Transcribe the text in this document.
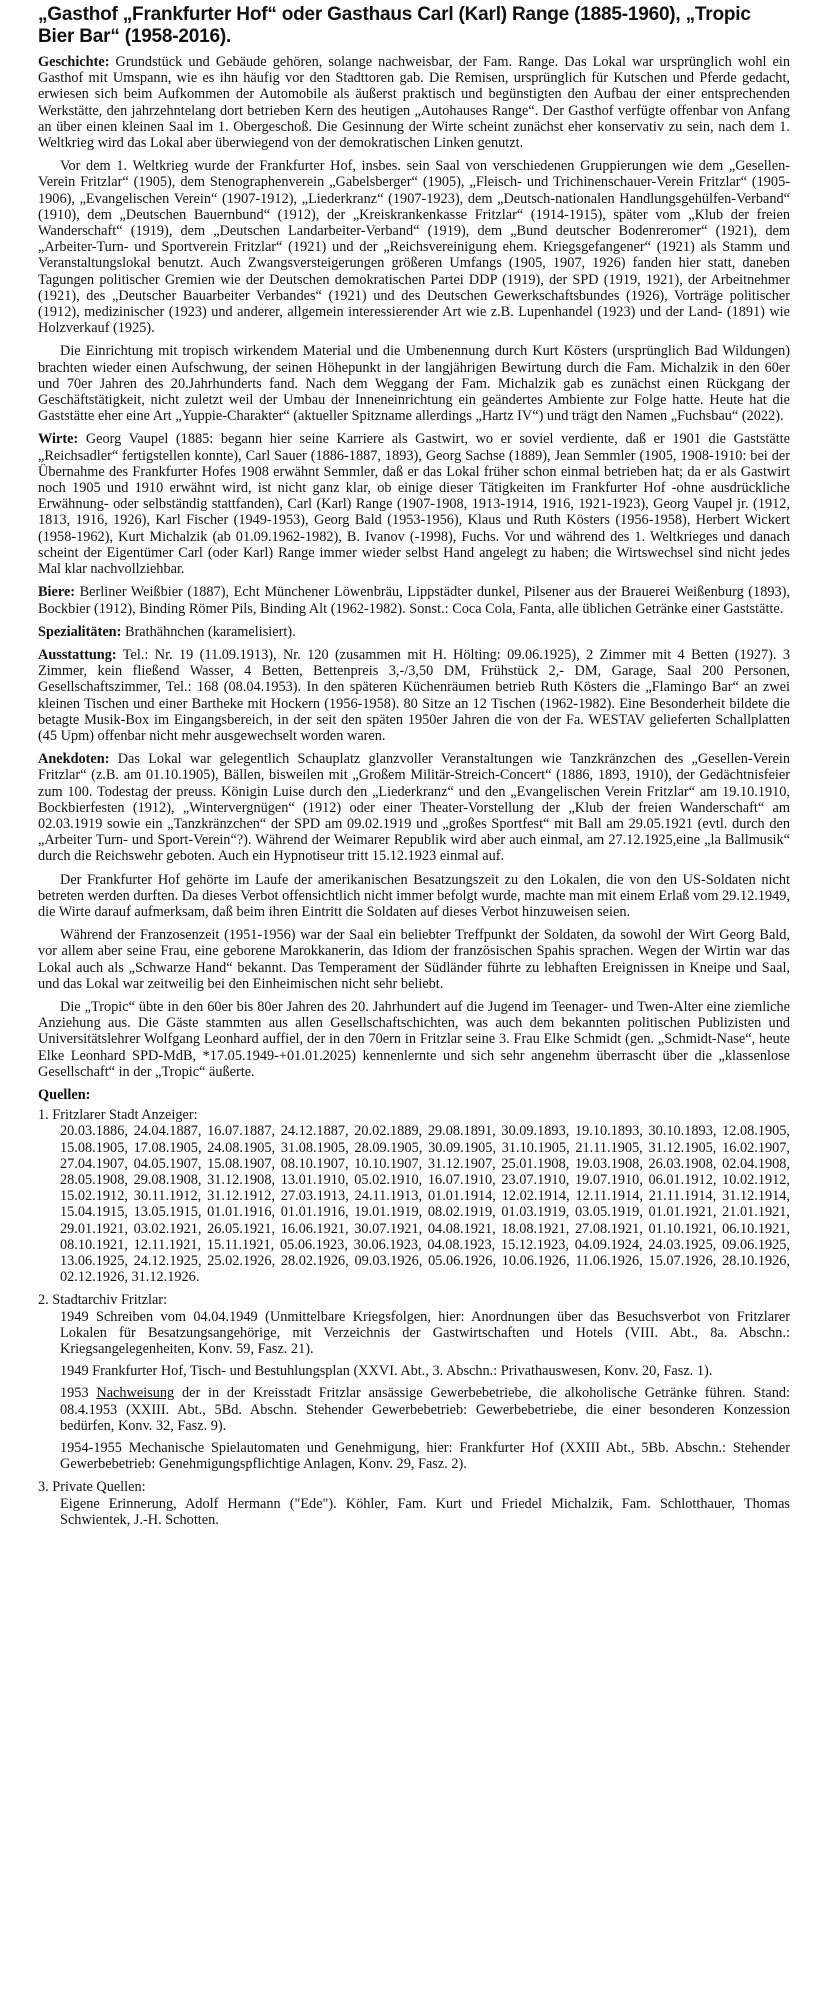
„Gasthof „Frankfurter Hof“ oder Gasthaus Carl (Karl) Range (1885-1960), „Tropic Bier Bar“ (1958-2016).

Geschichte: Grundstück und Gebäude gehören, solange nachweisbar, der Fam. Range. Das Lokal war ursprünglich wohl ein Gasthof mit Umspann, wie es ihn häufig vor den Stadttoren gab. Die Remisen, ursprünglich für Kutschen und Pferde gedacht, erwiesen sich beim Aufkommen der Automobile als äußerst praktisch und begünstigten den Aufbau der einer entsprechenden Werkstätte, den jahrzehntelang dort betrieben Kern des heutigen „Autohauses Range“. Der Gasthof verfügte offenbar von Anfang an über einen kleinen Saal im 1. Obergeschoß. Die Gesinnung der Wirte scheint zunächst eher konservativ zu sein, nach dem 1. Weltkrieg wird das Lokal aber überwiegend von der demokratischen Linken genutzt.

Vor dem 1. Weltkrieg wurde der Frankfurter Hof, insbes. sein Saal von verschiedenen Gruppierungen wie dem „Gesellen-Verein Fritzlar“ (1905), dem Stenographenverein „Gabelsberger“ (1905), „Fleisch- und Trichinenschauer-Verein Fritzlar“ (1905-1906), „Evangelischen Verein“ (1907-1912), „Liederkranz“ (1907-1923), dem „Deutsch-nationalen Handlungsgehülfen-Verband“ (1910), dem „Deutschen Bauernbund“ (1912), der „Kreiskrankenkasse Fritzlar“ (1914-1915), später vom „Klub der freien Wanderschaft“ (1919), dem „Deutschen Landarbeiter-Verband“ (1919), dem „Bund deutscher Bodenreromer“ (1921), dem „Arbeiter-Turn- und Sportverein Fritzlar“ (1921) und der „Reichsvereinigung ehem. Kriegsgefangener“ (1921) als Stamm und Veranstaltungslokal benutzt. Auch Zwangsversteigerungen größeren Umfangs (1905, 1907, 1926) fanden hier statt, daneben Tagungen politischer Gremien wie der Deutschen demokratischen Partei DDP (1919), der SPD (1919, 1921), der Arbeitnehmer (1921), des „Deutscher Bauarbeiter Verbandes“ (1921) und des Deutschen Gewerkschaftsbundes (1926), Vorträge politischer (1912), medizinischer (1923) und anderer, allgemein interessierender Art wie z.B. Lupenhandel (1923) und der Land- (1891) wie Holzverkauf (1925).

Die Einrichtung mit tropisch wirkendem Material und die Umbenennung durch Kurt Kösters (ursprünglich Bad Wildungen) brachten wieder einen Aufschwung, der seinen Höhepunkt in der langjährigen Bewirtung durch die Fam. Michalzik in den 60er und 70er Jahren des 20.Jahrhunderts fand. Nach dem Weggang der Fam. Michalzik gab es zunächst einen Rückgang der Geschäftstätigkeit, nicht zuletzt weil der Umbau der Inneneinrichtung ein geändertes Ambiente zur Folge hatte. Heute hat die Gaststätte eher eine Art „Yuppie-Charakter“ (aktueller Spitzname allerdings „Hartz IV“) und trägt den Namen „Fuchsbau“ (2022).

Wirte: Georg Vaupel (1885: begann hier seine Karriere als Gastwirt, wo er soviel verdiente, daß er 1901 die Gaststätte „Reichsadler“ fertigstellen konnte), Carl Sauer (1886-1887, 1893), Georg Sachse (1889), Jean Semmler (1905, 1908-1910: bei der Übernahme des Frankfurter Hofes 1908 erwähnt Semmler, daß er das Lokal früher schon einmal betrieben hat; da er als Gastwirt noch 1905 und 1910 erwähnt wird, ist nicht ganz klar, ob einige dieser Tätigkeiten im Frankfurter Hof -ohne ausdrückliche Erwähnung- oder selbständig stattfanden), Carl (Karl) Range (1907-1908, 1913-1914, 1916, 1921-1923), Georg Vaupel jr. (1912, 1813, 1916, 1926), Karl Fischer (1949-1953), Georg Bald (1953-1956), Klaus und Ruth Kösters (1956-1958), Herbert Wickert (1958-1962), Kurt Michalzik (ab 01.09.1962-1982), B. Ivanov (-1998), Fuchs. Vor und während des 1. Weltkrieges und danach scheint der Eigentümer Carl (oder Karl) Range immer wieder selbst Hand angelegt zu haben; die Wirtswechsel sind nicht jedes Mal klar nachvollziehbar.

Biere: Berliner Weißbier (1887), Echt Münchener Löwenbräu, Lippstädter dunkel, Pilsener aus der Brauerei Weißenburg (1893), Bockbier (1912), Binding Römer Pils, Binding Alt (1962-1982). Sonst.: Coca Cola, Fanta, alle üblichen Getränke einer Gaststätte.

Spezialitäten: Brathähnchen (karamelisiert).

Ausstattung: Tel.: Nr. 19 (11.09.1913), Nr. 120 (zusammen mit H. Hölting: 09.06.1925), 2 Zimmer mit 4 Betten (1927). 3 Zimmer, kein fließend Wasser, 4 Betten, Bettenpreis 3,-/3,50 DM, Frühstück 2,- DM, Garage, Saal 200 Personen, Gesellschaftszimmer, Tel.: 168 (08.04.1953). In den späteren Küchenräumen betrieb Ruth Kösters die „Flamingo Bar“ an zwei kleinen Tischen und einer Bartheke mit Hockern (1956-1958). 80 Sitze an 12 Tischen (1962-1982). Eine Besonderheit bildete die betagte Musik-Box im Eingangsbereich, in der seit den späten 1950er Jahren die von der Fa. WESTAV gelieferten Schallplatten (45 Upm) offenbar nicht mehr ausgewechselt worden waren.

Anekdoten: Das Lokal war gelegentlich Schauplatz glanzvoller Veranstaltungen wie Tanzkränzchen des „Gesellen-Verein Fritzlar“ (z.B. am 01.10.1905), Bällen, bisweilen mit „Großem Militär-Streich-Concert“ (1886, 1893, 1910), der Gedächtnisfeier zum 100. Todestag der preuss. Königin Luise durch den „Liederkranz“ und den „Evangelischen Verein Fritzlar“ am 19.10.1910, Bockbierfesten (1912), „Wintervergnügen“ (1912) oder einer Theater-Vorstellung der „Klub der freien Wanderschaft“ am 02.03.1919 sowie ein „Tanzkränzchen“ der SPD am 09.02.1919 und „großes Sportfest“ mit Ball am 29.05.1921 (evtl. durch den „Arbeiter Turn- und Sport-Verein“?). Während der Weimarer Republik wird aber auch einmal, am 27.12.1925,eine „la Ballmusik“ durch die Reichswehr geboten. Auch ein Hypnotiseur tritt 15.12.1923 einmal auf.

Der Frankfurter Hof gehörte im Laufe der amerikanischen Besatzungszeit zu den Lokalen, die von den US-Soldaten nicht betreten werden durften. Da dieses Verbot offensichtlich nicht immer befolgt wurde, machte man mit einem Erlaß vom 29.12.1949, die Wirte darauf aufmerksam, daß beim ihren Eintritt die Soldaten auf dieses Verbot hinzuweisen seien.

Während der Franzosenzeit (1951-1956) war der Saal ein beliebter Treffpunkt der Soldaten, da sowohl der Wirt Georg Bald, vor allem aber seine Frau, eine geborene Marokkanerin, das Idiom der französischen Spahis sprachen. Wegen der Wirtin war das Lokal auch als „Schwarze Hand“ bekannt. Das Temperament der Südländer führte zu lebhaften Ereignissen in Kneipe und Saal, und das Lokal war zeitweilig bei den Einheimischen nicht sehr beliebt.

Die „Tropic“ übte in den 60er bis 80er Jahren des 20. Jahrhundert auf die Jugend im Teenager- und Twen-Alter eine ziemliche Anziehung aus. Die Gäste stammten aus allen Gesellschaftschichten, was auch dem bekannten politischen Publizisten und Universitätslehrer Wolfgang Leonhard auffiel, der in den 70ern in Fritzlar seine 3. Frau Elke Schmidt (gen. „Schmidt-Nase“, heute Elke Leonhard SPD-MdB, *17.05.1949-+01.01.2025) kennenlernte und sich sehr angenehm überrascht über die „klassenlose Gesellschaft“ in der „Tropic“ äußerte.

Quellen:
1. Fritzlarer Stadt Anzeiger:
20.03.1886, 24.04.1887, 16.07.1887, 24.12.1887, 20.02.1889, 29.08.1891, 30.09.1893, 19.10.1893, 30.10.1893, 12.08.1905, 15.08.1905, 17.08.1905, 24.08.1905, 31.08.1905, 28.09.1905, 30.09.1905, 31.10.1905, 21.11.1905, 31.12.1905, 16.02.1907, 27.04.1907, 04.05.1907, 15.08.1907, 08.10.1907, 10.10.1907, 31.12.1907, 25.01.1908, 19.03.1908, 26.03.1908, 02.04.1908, 28.05.1908, 29.08.1908, 31.12.1908, 13.01.1910, 05.02.1910, 16.07.1910, 23.07.1910, 19.07.1910, 06.01.1912, 10.02.1912, 15.02.1912, 30.11.1912, 31.12.1912, 27.03.1913, 24.11.1913, 01.01.1914, 12.02.1914, 12.11.1914, 21.11.1914, 31.12.1914, 15.04.1915, 13.05.1915, 01.01.1916, 01.01.1916, 19.01.1919, 08.02.1919, 01.03.1919, 03.05.1919, 01.01.1921, 21.01.1921, 29.01.1921, 03.02.1921, 26.05.1921, 16.06.1921, 30.07.1921, 04.08.1921, 18.08.1921, 27.08.1921, 01.10.1921, 06.10.1921, 08.10.1921, 12.11.1921, 15.11.1921, 05.06.1923, 30.06.1923, 04.08.1923, 15.12.1923, 04.09.1924, 24.03.1925, 09.06.1925, 13.06.1925, 24.12.1925, 25.02.1926, 28.02.1926, 09.03.1926, 05.06.1926, 10.06.1926, 11.06.1926, 15.07.1926, 28.10.1926, 02.12.1926, 31.12.1926.
2. Stadtarchiv Fritzlar:
1949 Schreiben vom 04.04.1949 (Unmittelbare Kriegsfolgen, hier: Anordnungen über das Besuchsverbot von Fritzlarer Lokalen für Besatzungsangehörige, mit Verzeichnis der Gastwirtschaften und Hotels (VIII. Abt., 8a. Abschn.: Kriegsangelegenheiten, Konv. 59, Fasz. 21).
1949 Frankfurter Hof, Tisch- und Bestuhlungsplan (XXVI. Abt., 3. Abschn.: Privathauswesen, Konv. 20, Fasz. 1).
1953 Nachweisung der in der Kreisstadt Fritzlar ansässige Gewerbebetriebe, die alkoholische Getränke führen. Stand: 08.4.1953 (XXIII. Abt., 5Bd. Abschn. Stehender Gewerbebetrieb: Gewerbebetriebe, die einer besonderen Konzession bedürfen, Konv. 32, Fasz. 9).
1954-1955 Mechanische Spielautomaten und Genehmigung, hier: Frankfurter Hof (XXIII Abt., 5Bb. Abschn.: Stehender Gewerbebetrieb: Genehmigungspflichtige Anlagen, Konv. 29, Fasz. 2).
3. Private Quellen:
Eigene Erinnerung, Adolf Hermann ("Ede"). Köhler, Fam. Kurt und Friedel Michalzik, Fam. Schlotthauer, Thomas Schwientek, J.-H. Schotten.
